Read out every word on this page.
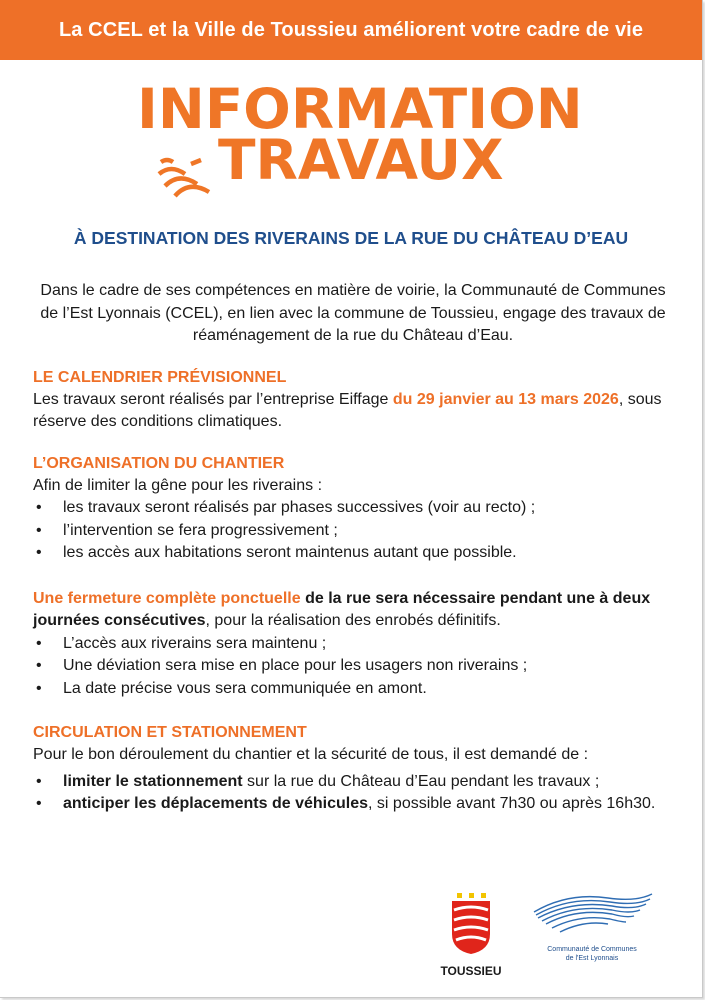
La CCEL et la Ville de Toussieu améliorent votre cadre de vie
INFORMATION
TRAVAUX
À DESTINATION DES RIVERAINS DE LA RUE DU CHÂTEAU D’EAU
Dans le cadre de ses compétences en matière de voirie, la Communauté de Communes de l’Est Lyonnais (CCEL), en lien avec la commune de Toussieu, engage des travaux de réaménagement de la rue du Château d’Eau.
LE CALENDRIER PRÉVISIONNEL
Les travaux seront réalisés par l’entreprise Eiffage du 29 janvier au 13 mars 2026, sous réserve des conditions climatiques.
L’ORGANISATION DU CHANTIER
Afin de limiter la gêne pour les riverains :
• les travaux seront réalisés par phases successives (voir au recto) ;
• l’intervention se fera progressivement ;
• les accès aux habitations seront maintenus autant que possible.
Une fermeture complète ponctuelle de la rue sera nécessaire pendant une à deux journées consécutives, pour la réalisation des enrobés définitifs.
• L’accès aux riverains sera maintenu ;
• Une déviation sera mise en place pour les usagers non riverains ;
• La date précise vous sera communiquée en amont.
CIRCULATION ET STATIONNEMENT
Pour le bon déroulement du chantier et la sécurité de tous, il est demandé de :
• limiter le stationnement sur la rue du Château d’Eau pendant les travaux ;
• anticiper les déplacements de véhicules, si possible avant 7h30 ou après 16h30.
TOUSSIEU
Communauté de Communes
de l'Est Lyonnais
